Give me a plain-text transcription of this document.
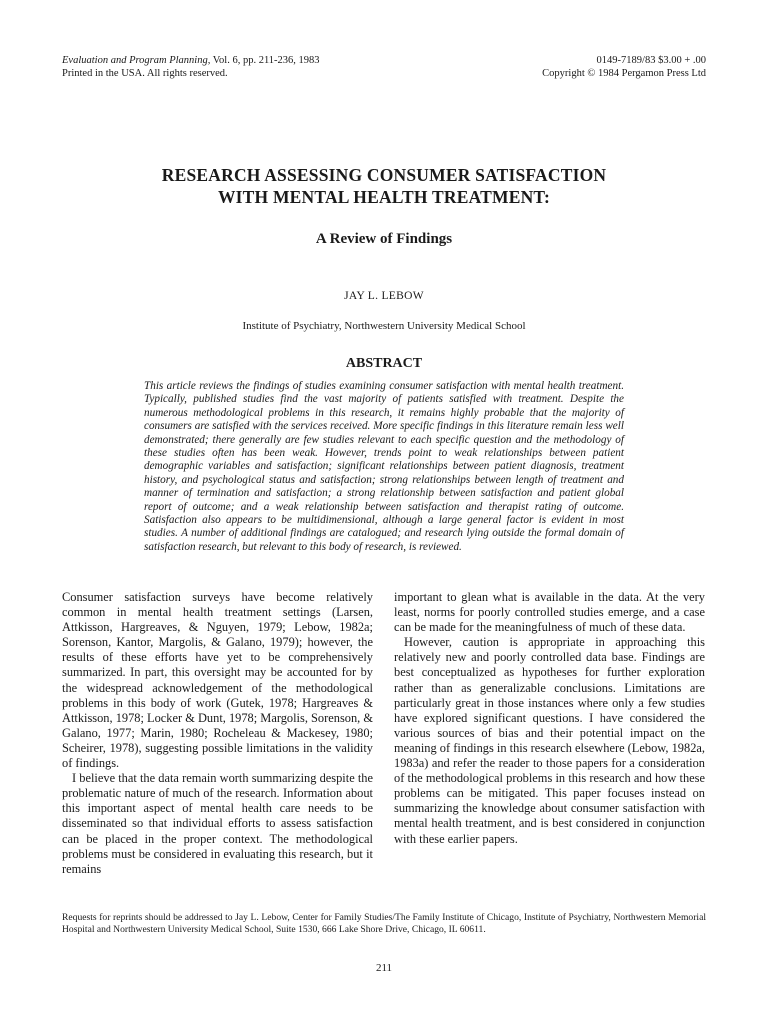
Evaluation and Program Planning, Vol. 6, pp. 211-236, 1983
Printed in the USA. All rights reserved.
0149-7189/83 $3.00 + .00
Copyright © 1984 Pergamon Press Ltd
RESEARCH ASSESSING CONSUMER SATISFACTION
WITH MENTAL HEALTH TREATMENT:
A Review of Findings
JAY L. LEBOW
Institute of Psychiatry, Northwestern University Medical School
ABSTRACT
This article reviews the findings of studies examining consumer satisfaction with mental health treatment. Typically, published studies find the vast majority of patients satisfied with treatment. Despite the numerous methodological problems in this research, it remains highly probable that the majority of consumers are satisfied with the services received. More specific findings in this literature remain less well demonstrated; there generally are few studies relevant to each specific question and the methodology of these studies often has been weak. However, trends point to weak relationships between patient demographic variables and satisfaction; significant relationships between patient diagnosis, treatment history, and psychological status and satisfaction; strong relationships between length of treatment and manner of termination and satisfaction; a strong relationship between satisfaction and patient global report of outcome; and a weak relationship between satisfaction and therapist rating of outcome. Satisfaction also appears to be multidimensional, although a large general factor is evident in most studies. A number of additional findings are catalogued; and research lying outside the formal domain of satisfaction research, but relevant to this body of research, is reviewed.

Consumer satisfaction surveys have become relatively common in mental health treatment settings (Larsen, Attkisson, Hargreaves, & Nguyen, 1979; Lebow, 1982a; Sorenson, Kantor, Margolis, & Galano, 1979); however, the results of these efforts have yet to be comprehensively summarized. In part, this oversight may be accounted for by the widespread acknowledgement of the methodological problems in this body of work (Gutek, 1978; Hargreaves & Attkisson, 1978; Locker & Dunt, 1978; Margolis, Sorenson, & Galano, 1977; Marin, 1980; Rocheleau & Mackesey, 1980; Scheirer, 1978), suggesting possible limitations in the validity of findings.

I believe that the data remain worth summarizing despite the problematic nature of much of the research. Information about this important aspect of mental health care needs to be disseminated so that individual efforts to assess satisfaction can be placed in the proper context. The methodological problems must be considered in evaluating this research, but it remains

important to glean what is available in the data. At the very least, norms for poorly controlled studies emerge, and a case can be made for the meaningfulness of much of these data.

However, caution is appropriate in approaching this relatively new and poorly controlled data base. Findings are best conceptualized as hypotheses for further exploration rather than as generalizable conclusions. Limitations are particularly great in those instances where only a few studies have explored significant questions. I have considered the various sources of bias and their potential impact on the meaning of findings in this research elsewhere (Lebow, 1982a, 1983a) and refer the reader to those papers for a consideration of the methodological problems in this research and how these problems can be mitigated. This paper focuses instead on summarizing the knowledge about consumer satisfaction with mental health treatment, and is best considered in conjunction with these earlier papers.

Requests for reprints should be addressed to Jay L. Lebow, Center for Family Studies/The Family Institute of Chicago, Institute of Psychiatry, Northwestern Memorial Hospital and Northwestern University Medical School, Suite 1530, 666 Lake Shore Drive, Chicago, IL 60611.
211
